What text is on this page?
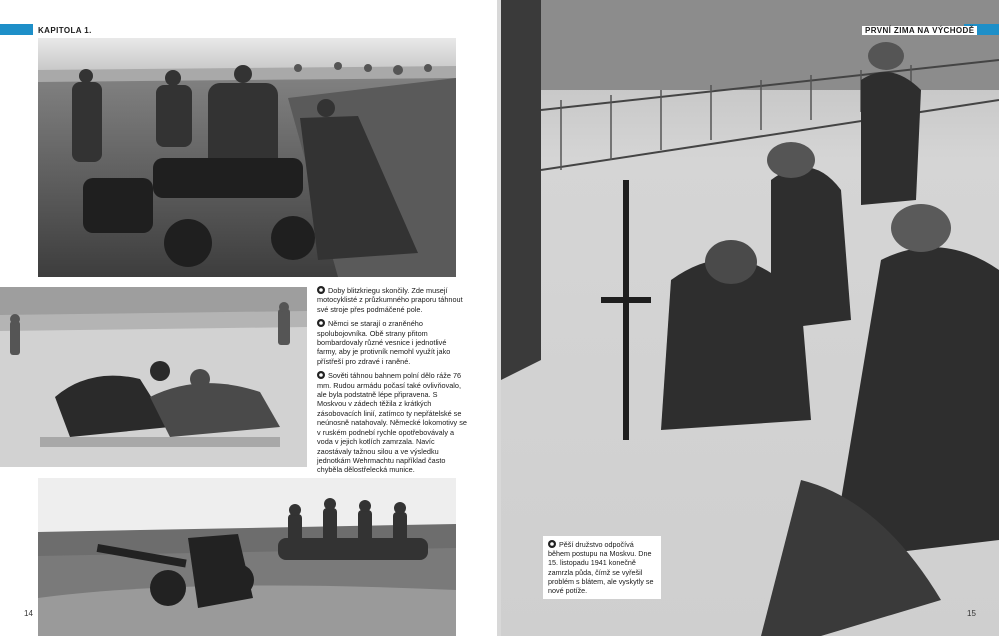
KAPITOLA 1.

Doby blitzkriegu skončily. Zde musejí motocyklisté z průzkumného praporu táhnout své stroje přes podmáčené pole.

Němci se starají o zraněného spolubojovníka. Obě strany přitom bombardovaly různé vesnice i jednotlivé farmy, aby je protivník nemohl využít jako přístřeší pro zdravé i raněné.

Sověti táhnou bahnem polní dělo ráže 76 mm. Rudou armádu počasí také ovlivňovalo, ale byla podstatně lépe připravena. S Moskvou v zádech těžila z krátkých zásobovacích linií, zatímco ty nepřátelské se neúnosně natahovaly. Německé lokomotivy se v ruském podnebí rychle opotřebovávaly a voda v jejich kotlích zamrzala. Navíc zaostávaly tažnou silou a ve výsledku jednotkám Wehrmachtu například často chyběla dělostřelecká munice.

14
PRVNÍ ZIMA NA VÝCHODĚ
15
Pěší družstvo odpočívá během postupu na Moskvu. Dne 15. listopadu 1941 konečně zamrzla půda, čímž se vyřešil problém s blátem, ale vyskytly se nové potíže.
